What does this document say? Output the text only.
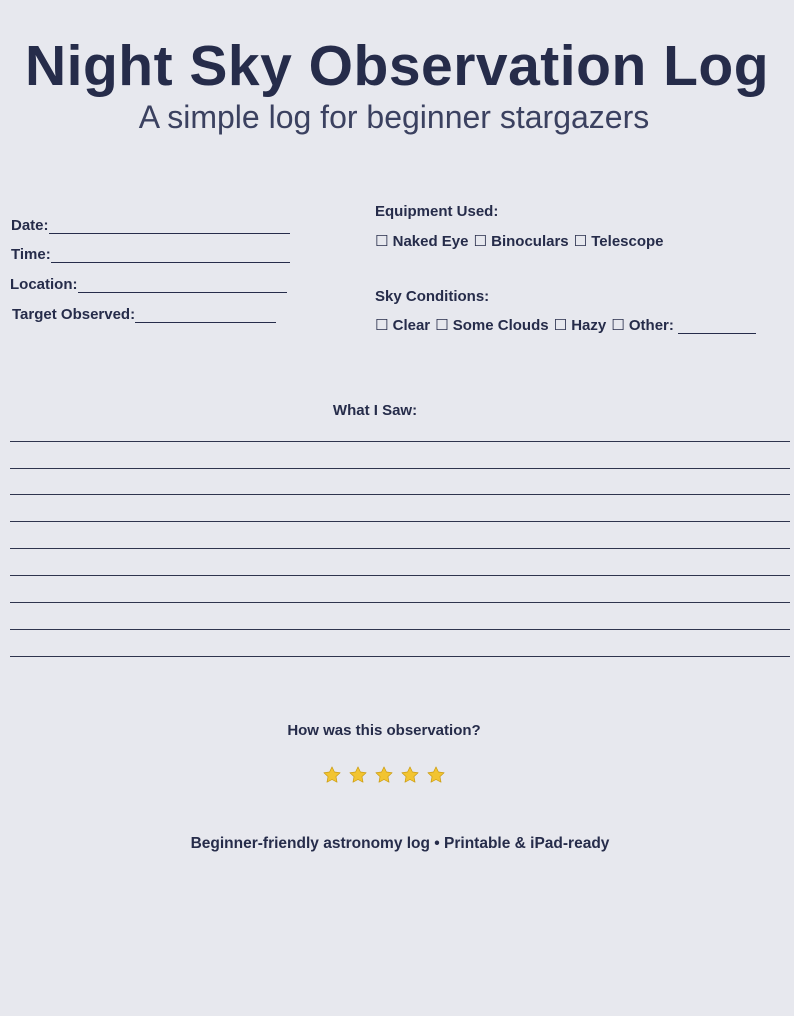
Night Sky Observation Log
A simple log for beginner stargazers
Date:
Time:
Location:
Target Observed:
Equipment Used:
☐ Naked Eye ☐ Binoculars ☐ Telescope
Sky Conditions:
☐ Clear ☐ Some Clouds ☐ Hazy ☐ Other:
What I Saw:
How was this observation?
Beginner-friendly astronomy log • Printable & iPad-ready
